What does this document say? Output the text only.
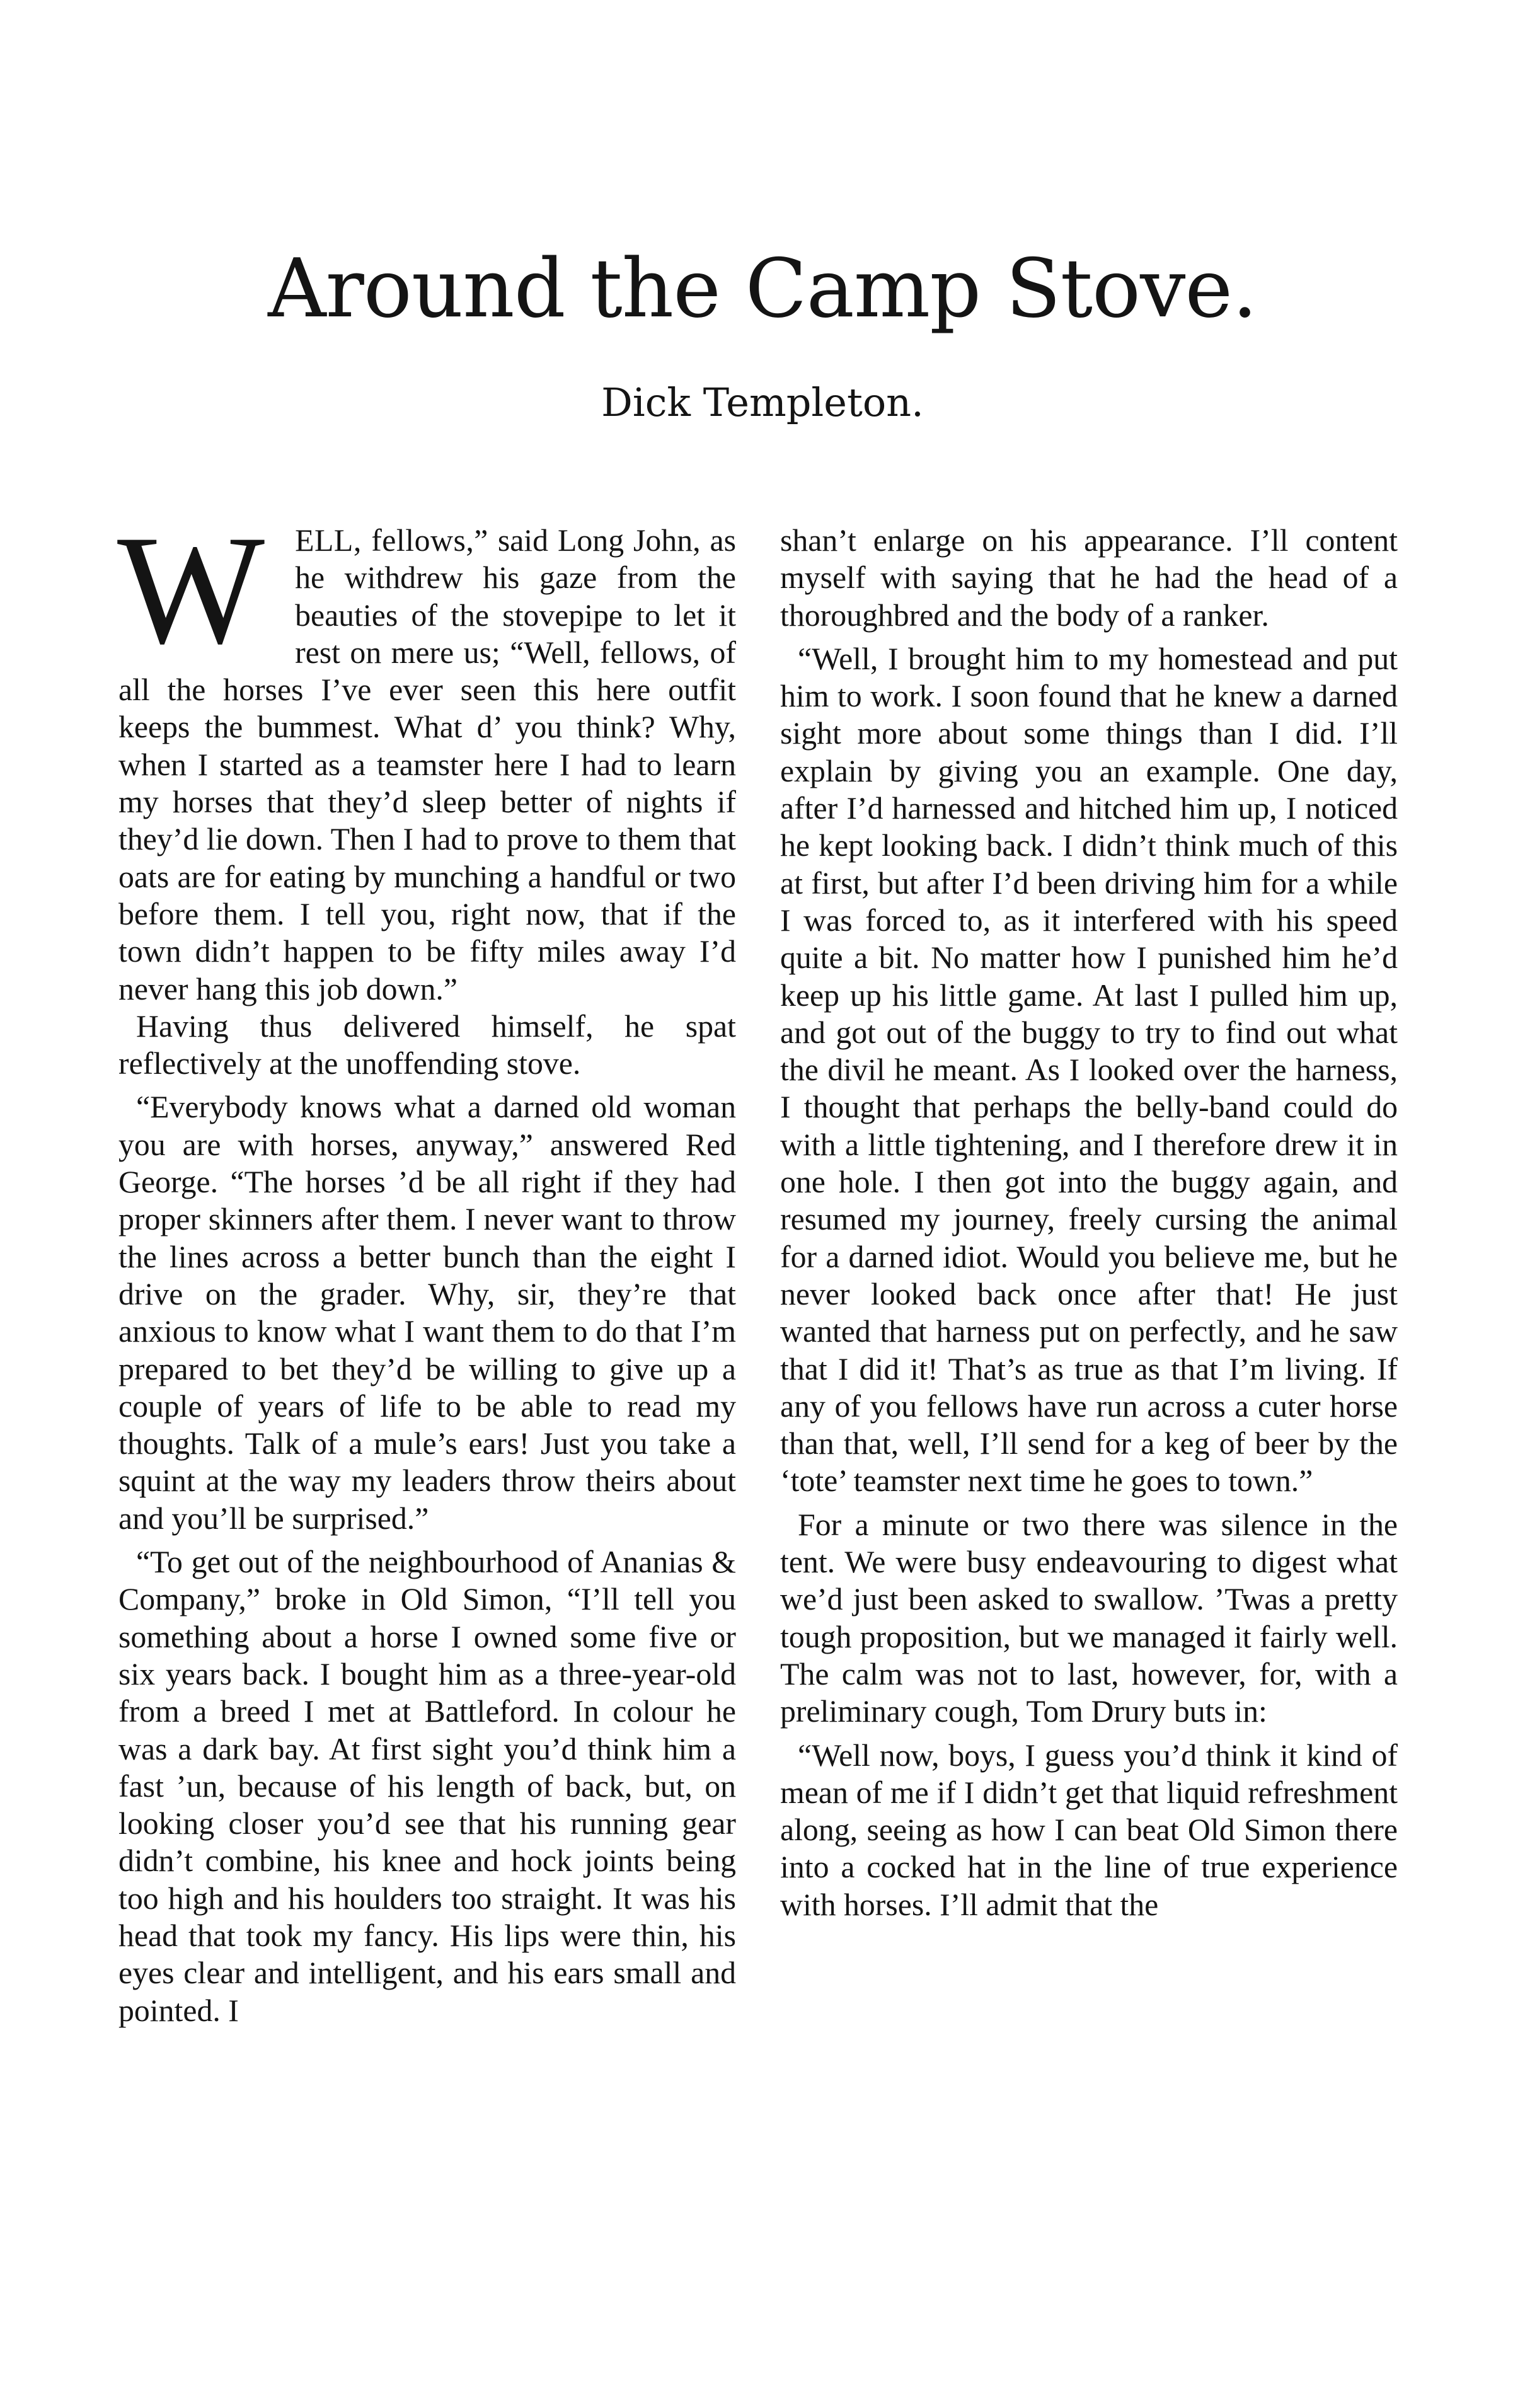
Around the Camp Stove.
Dick Templeton.

WELL, fellows,” said Long John, as he withdrew his gaze from the beauties of the stovepipe to let it rest on mere us; “Well, fellows, of all the horses I’ve ever seen this here outfit keeps the bummest. What d’ you think? Why, when I started as a teamster here I had to learn my horses that they’d sleep better of nights if they’d lie down. Then I had to prove to them that oats are for eating by munching a handful or two before them. I tell you, right now, that if the town didn’t happen to be fifty miles away I’d never hang this job down.”

Having thus delivered himself, he spat reflectively at the unoffending stove.

“Everybody knows what a darned old woman you are with horses, anyway,” answered Red George. “The horses ’d be all right if they had proper skinners after them. I never want to throw the lines across a better bunch than the eight I drive on the grader. Why, sir, they’re that anxious to know what I want them to do that I’m prepared to bet they’d be willing to give up a couple of years of life to be able to read my thoughts. Talk of a mule’s ears! Just you take a squint at the way my leaders throw theirs about and you’ll be surprised.”

“To get out of the neighbourhood of Ananias & Company,” broke in Old Simon, “I’ll tell you something about a horse I owned some five or six years back. I bought him as a three-year-old from a breed I met at Battleford. In colour he was a dark bay. At first sight you’d think him a fast ’un, because of his length of back, but, on looking closer you’d see that his running gear didn’t combine, his knee and hock joints being too high and his houlders too straight. It was his head that took my fancy. His lips were thin, his eyes clear and intelligent, and his ears small and pointed. I

shan’t enlarge on his appearance. I’ll content myself with saying that he had the head of a thoroughbred and the body of a ranker.

“Well, I brought him to my homestead and put him to work. I soon found that he knew a darned sight more about some things than I did. I’ll explain by giving you an example. One day, after I’d harnessed and hitched him up, I noticed he kept looking back. I didn’t think much of this at first, but after I’d been driving him for a while I was forced to, as it interfered with his speed quite a bit. No matter how I punished him he’d keep up his little game. At last I pulled him up, and got out of the buggy to try to find out what the divil he meant. As I looked over the harness, I thought that perhaps the belly-band could do with a little tightening, and I therefore drew it in one hole. I then got into the buggy again, and resumed my journey, freely cursing the animal for a darned idiot. Would you believe me, but he never looked back once after that! He just wanted that harness put on perfectly, and he saw that I did it! That’s as true as that I’m living. If any of you fellows have run across a cuter horse than that, well, I’ll send for a keg of beer by the ‘tote’ teamster next time he goes to town.”

For a minute or two there was silence in the tent. We were busy endeavouring to digest what we’d just been asked to swallow. ’Twas a pretty tough proposition, but we managed it fairly well. The calm was not to last, however, for, with a preliminary cough, Tom Drury buts in:

“Well now, boys, I guess you’d think it kind of mean of me if I didn’t get that liquid refreshment along, seeing as how I can beat Old Simon there into a cocked hat in the line of true experience with horses. I’ll admit that the
